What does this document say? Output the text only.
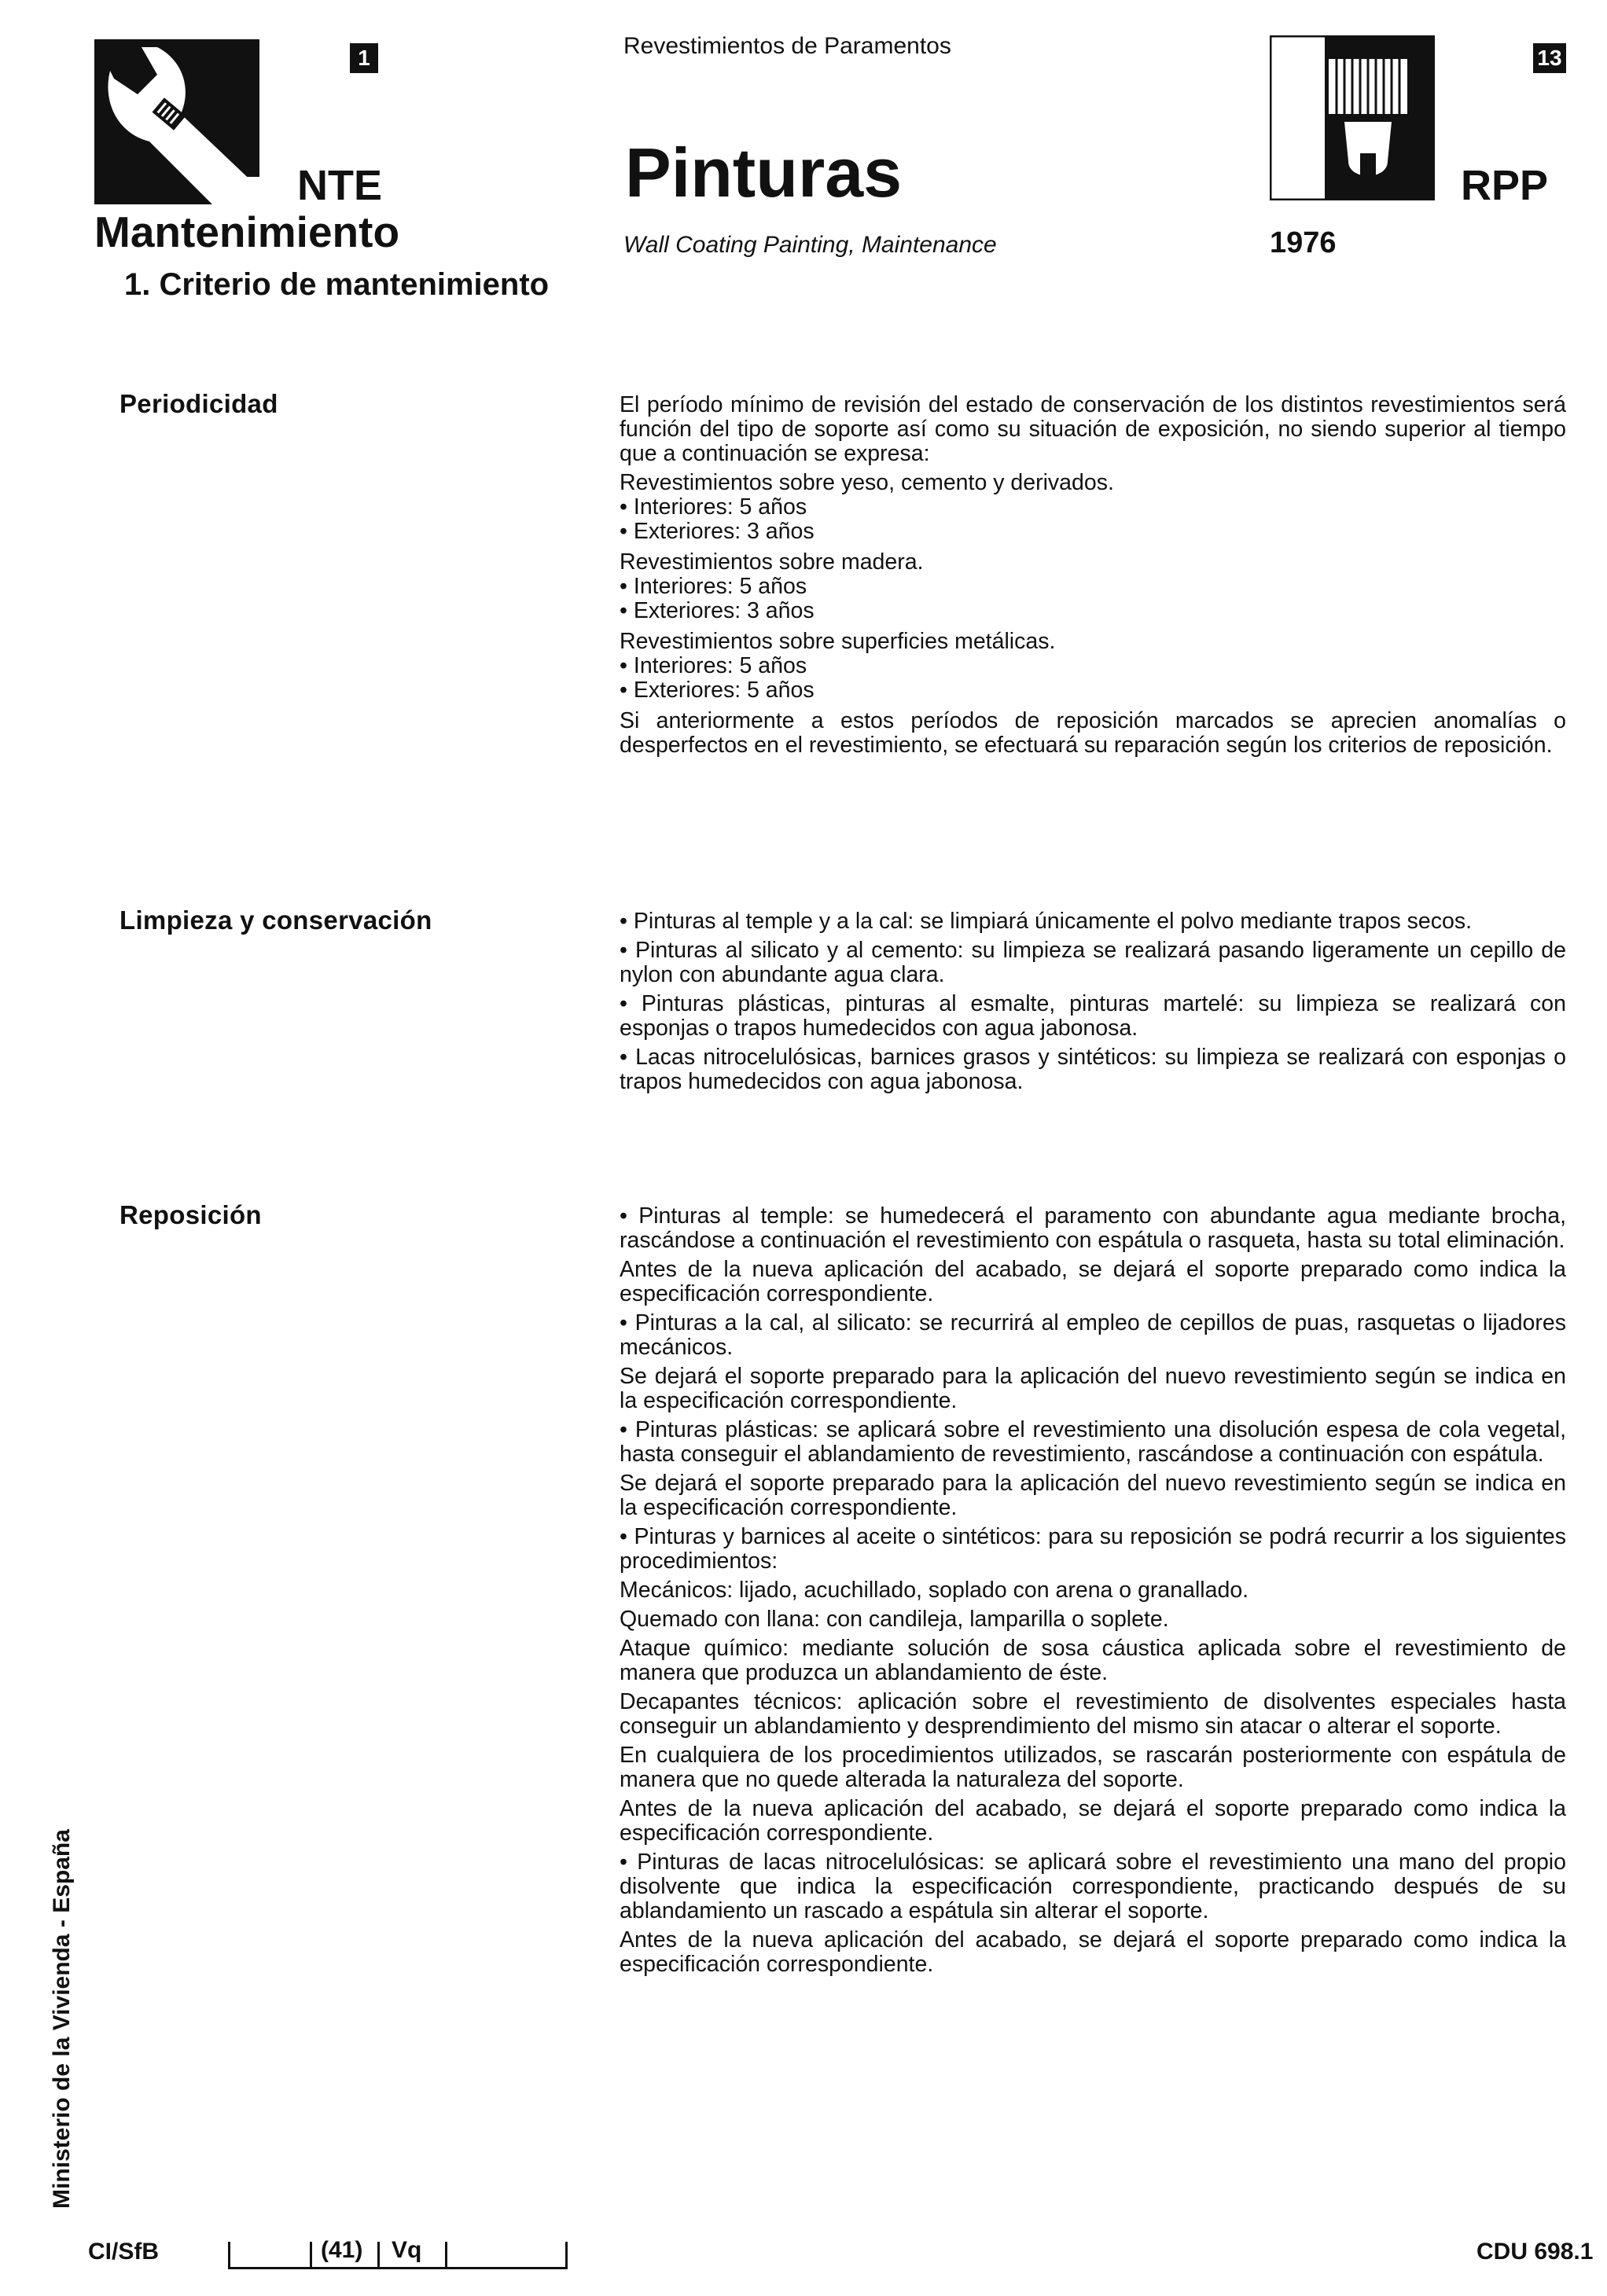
1
NTE
Mantenimiento
1. Criterio de mantenimiento
Revestimientos de Paramentos
Pinturas
Wall Coating Painting, Maintenance
13
RPP
1976
Periodicidad	El período mínimo de revisión del estado de conservación de los distintos revestimientos será función del tipo de soporte así como su situación de exposición, no siendo superior al tiempo que a continuación se expresa:

Revestimientos sobre yeso, cemento y derivados.
• Interiores: 5 años
• Exteriores: 3 años
Revestimientos sobre madera.
• Interiores: 5 años
• Exteriores: 3 años
Revestimientos sobre superficies metálicas.
• Interiores: 5 años
• Exteriores: 5 años

Si anteriormente a estos períodos de reposición marcados se aprecien anomalías o desperfectos en el revestimiento, se efectuará su reparación según los criterios de reposición.

Limpieza y conservación	• Pinturas al temple y a la cal: se limpiará únicamente el polvo mediante trapos secos.

• Pinturas al silicato y al cemento: su limpieza se realizará pasando ligeramente un cepillo de nylon con abundante agua clara.

• Pinturas plásticas, pinturas al esmalte, pinturas martelé: su limpieza se realizará con esponjas o trapos humedecidos con agua jabonosa.

• Lacas nitrocelulósicas, barnices grasos y sintéticos: su limpieza se realizará con esponjas o trapos humedecidos con agua jabonosa.

Reposición	• Pinturas al temple: se humedecerá el paramento con abundante agua mediante brocha, rascándose a continuación el revestimiento con espátula o rasqueta, hasta su total eliminación.

Antes de la nueva aplicación del acabado, se dejará el soporte preparado como indica la especificación correspondiente.

• Pinturas a la cal, al silicato: se recurrirá al empleo de cepillos de puas, rasquetas o lijadores mecánicos.

Se dejará el soporte preparado para la aplicación del nuevo revestimiento según se indica en la especificación correspondiente.

• Pinturas plásticas: se aplicará sobre el revestimiento una disolución espesa de cola vegetal, hasta conseguir el ablandamiento de revestimiento, rascándose a continuación con espátula.

Se dejará el soporte preparado para la aplicación del nuevo revestimiento según se indica en la especificación correspondiente.

• Pinturas y barnices al aceite o sintéticos: para su reposición se podrá recurrir a los siguientes procedimientos:

Mecánicos: lijado, acuchillado, soplado con arena o granallado.

Quemado con llana: con candileja, lamparilla o soplete.

Ataque químico: mediante solución de sosa cáustica aplicada sobre el revestimiento de manera que produzca un ablandamiento de éste.

Decapantes técnicos: aplicación sobre el revestimiento de disolventes especiales hasta conseguir un ablandamiento y desprendimiento del mismo sin atacar o alterar el soporte.

En cualquiera de los procedimientos utilizados, se rascarán posteriormente con espátula de manera que no quede alterada la naturaleza del soporte.

Antes de la nueva aplicación del acabado, se dejará el soporte preparado como indica la especificación correspondiente.

• Pinturas de lacas nitrocelulósicas: se aplicará sobre el revestimiento una mano del propio disolvente que indica la especificación correspondiente, practicando después de su ablandamiento un rascado a espátula sin alterar el soporte.

Antes de la nueva aplicación del acabado, se dejará el soporte preparado como indica la especificación correspondiente.

Ministerio de la Vivienda - España
CI/SfB	(41) Vq	CDU 698.1
